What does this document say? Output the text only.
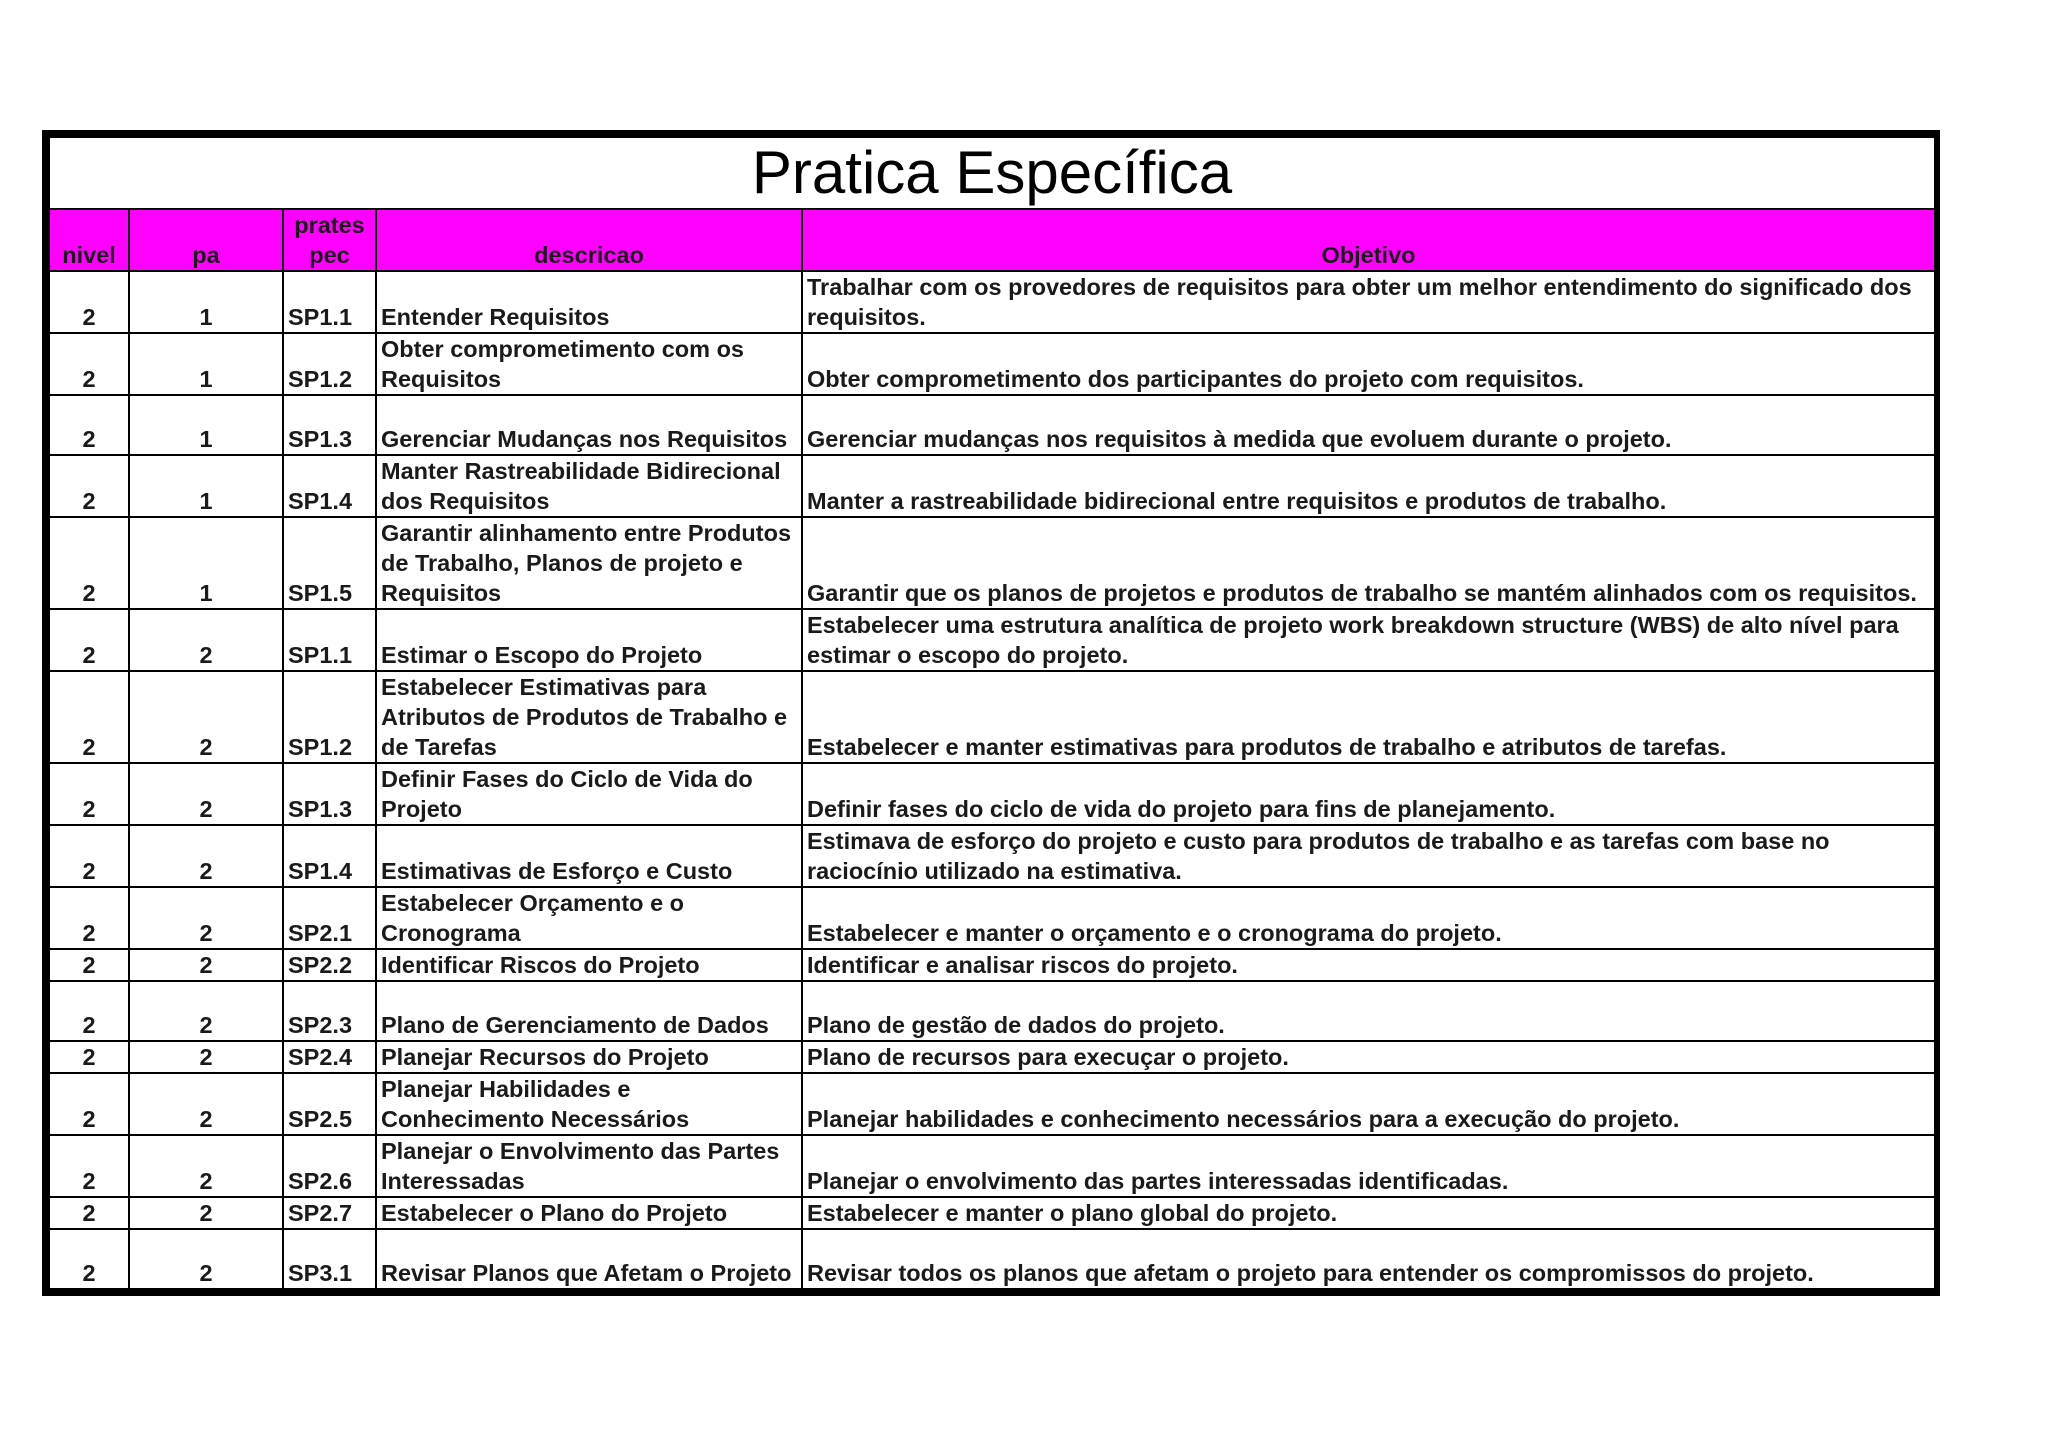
Pratica Específica				
nivel	pa	prates pec	descricao	Objetivo
2	1	SP1.1	Entender Requisitos	Trabalhar com os provedores de requisitos para obter um melhor entendimento do significado dos requisitos.
2	1	SP1.2	Obter comprometimento com os Requisitos	Obter comprometimento dos participantes do projeto com requisitos.
2	1	SP1.3	Gerenciar Mudanças nos Requisitos	Gerenciar mudanças nos requisitos à medida que evoluem durante o projeto.
2	1	SP1.4	Manter Rastreabilidade Bidirecional dos Requisitos	Manter a rastreabilidade bidirecional entre requisitos e produtos de trabalho.
2	1	SP1.5	Garantir alinhamento entre Produtos de Trabalho, Planos de projeto e Requisitos	Garantir que os planos de projetos e produtos de trabalho se mantém alinhados com os requisitos.
2	2	SP1.1	Estimar o Escopo do Projeto	Estabelecer uma estrutura analítica de projeto work breakdown structure (WBS) de alto nível para estimar o escopo do projeto.
2	2	SP1.2	Estabelecer Estimativas para Atributos de Produtos de Trabalho e de Tarefas	Estabelecer e manter estimativas para produtos de trabalho e atributos de tarefas.
2	2	SP1.3	Definir Fases do Ciclo de Vida do Projeto	Definir fases do ciclo de vida do projeto para fins de planejamento.
2	2	SP1.4	Estimativas de Esforço e Custo	Estimava de esforço do projeto e custo para produtos de trabalho e as tarefas com base no raciocínio utilizado na estimativa.
2	2	SP2.1	Estabelecer Orçamento e o Cronograma	Estabelecer e manter o orçamento e o cronograma do projeto.
2	2	SP2.2	Identificar Riscos do Projeto	Identificar e analisar riscos do projeto.
2	2	SP2.3	Plano de Gerenciamento de Dados	Plano de gestão de dados do projeto.
2	2	SP2.4	Planejar Recursos do Projeto	Plano de recursos para execuçar o projeto.
2	2	SP2.5	Planejar Habilidades e Conhecimento Necessários	Planejar habilidades e conhecimento necessários para a execução do projeto.
2	2	SP2.6	Planejar o Envolvimento das Partes Interessadas	Planejar o envolvimento das partes interessadas identificadas.
2	2	SP2.7	Estabelecer o Plano do Projeto	Estabelecer e manter o plano global do projeto.
2	2	SP3.1	Revisar Planos que Afetam o Projeto	Revisar todos os planos que afetam o projeto para entender os compromissos do projeto.
